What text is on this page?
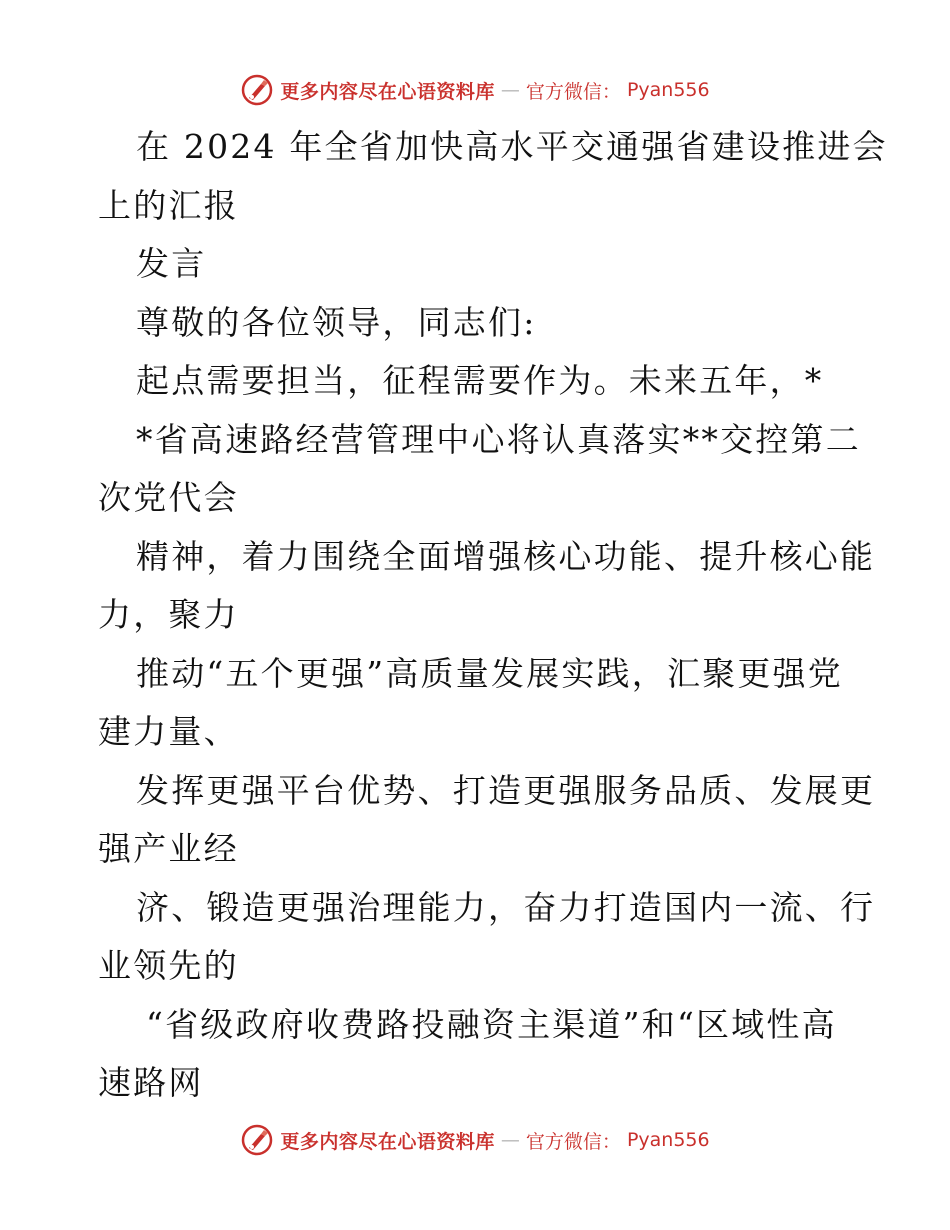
更多内容尽在心语资料库 — 官方微信： Pyan556
在 2024 年全省加快高水平交通强省建设推进会
上的汇报
发言
尊敬的各位领导，同志们:
起点需要担当，征程需要作为。未来五年，*
*省高速路经营管理中心将认真落实**交控第二
次党代会
精神，着力围绕全面增强核心功能、提升核心能
力，聚力
推动“五个更强”高质量发展实践，汇聚更强党
建力量、
发挥更强平台优势、打造更强服务品质、发展更
强产业经
济、锻造更强治理能力，奋力打造国内一流、行
业领先的
“省级政府收费路投融资主渠道”和“区域性高
速路网
更多内容尽在心语资料库 — 官方微信： Pyan556
